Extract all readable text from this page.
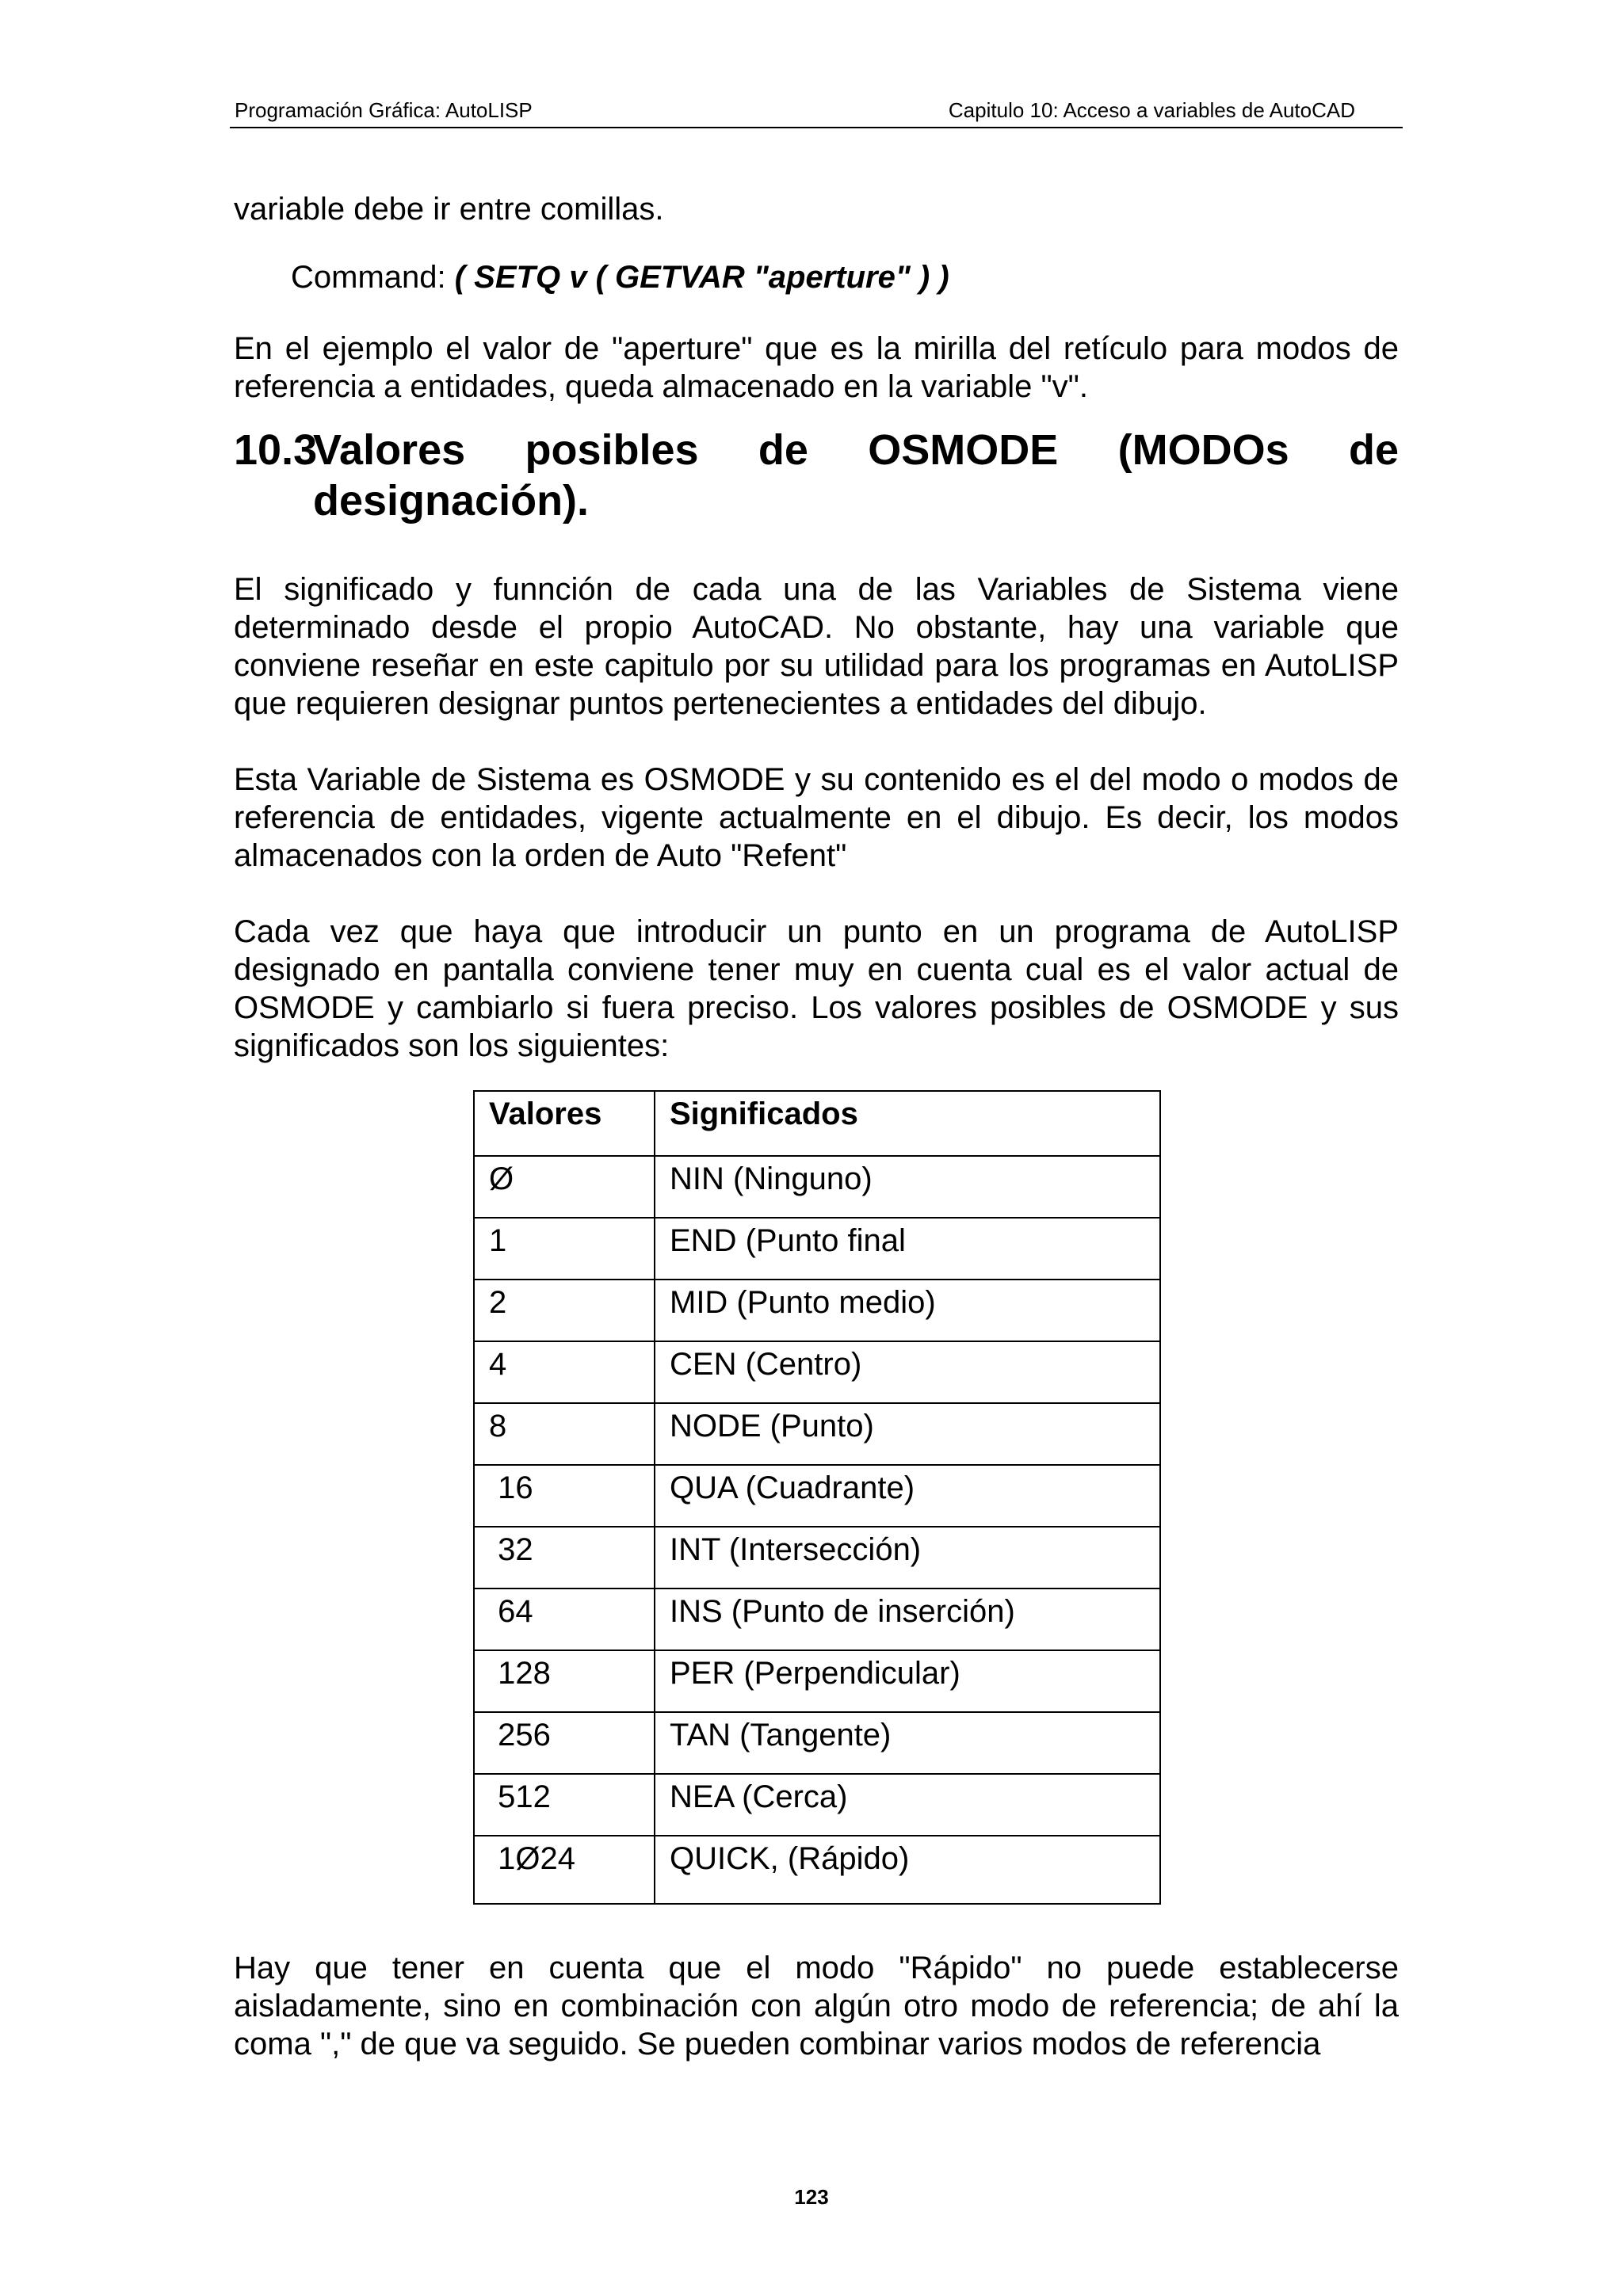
Programación Gráfica: AutoLISP	Capitulo 10: Acceso a variables de AutoCAD

variable debe ir entre comillas.

Command: ( SETQ v ( GETVAR "aperture" ) )

En el ejemplo el valor de "aperture" que es la mirilla del retículo para modos de referencia a entidades, queda almacenado en la variable "v".

10.3
Valores posibles de OSMODE (MODOs de
designación).

El significado y funnción de cada una de las Variables de Sistema viene determinado desde el propio AutoCAD. No obstante, hay una variable que conviene reseñar en este capitulo por su utilidad para los programas en AutoLISP que requieren designar puntos pertenecientes a entidades del dibujo.

Esta Variable de Sistema es OSMODE y su contenido es el del modo o modos de referencia de entidades, vigente actualmente en el dibujo. Es decir, los modos almacenados con la orden de Auto "Refent"

Cada vez que haya que introducir un punto en un programa de AutoLISP designado en pantalla conviene tener muy en cuenta cual es el valor actual de OSMODE y cambiarlo si fuera preciso. Los valores posibles de OSMODE y sus significados son los siguientes:

Valores	Significados
Ø	NIN (Ninguno)
1	END (Punto final
2	MID (Punto medio)
4	CEN (Centro)
8	NODE (Punto)
16	QUA (Cuadrante)
32	INT (Intersección)
64	INS (Punto de inserción)
128	PER (Perpendicular)
256	TAN (Tangente)
512	NEA (Cerca)
1Ø24	QUICK, (Rápido)

Hay que tener en cuenta que el modo "Rápido" no puede establecerse aisladamente, sino en combinación con algún otro modo de referencia; de ahí la coma "," de que va seguido. Se pueden combinar varios modos de referencia

123
